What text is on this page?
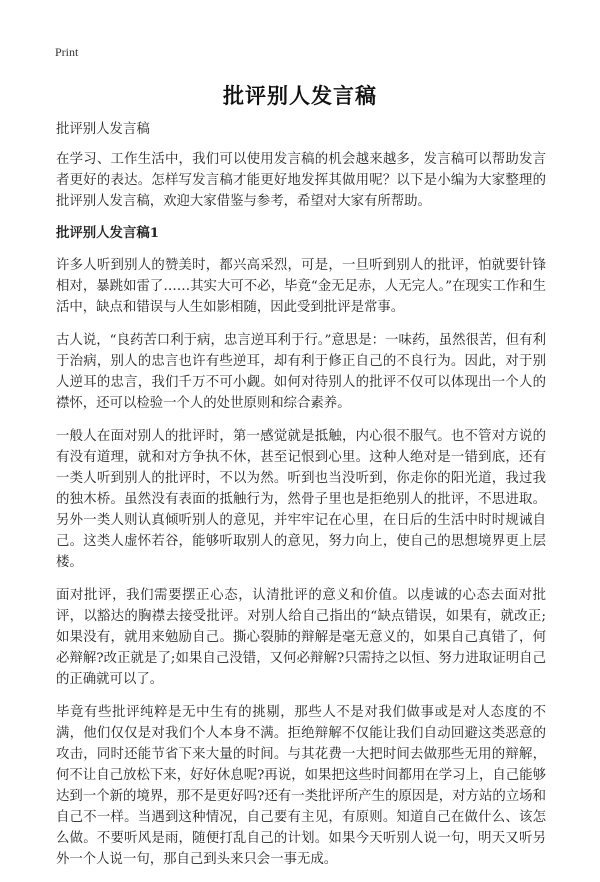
Print
批评别人发言稿

批评别人发言稿

在学习、工作生活中，我们可以使用发言稿的机会越来越多，发言稿可以帮助发言者更好的表达。怎样写发言稿才能更好地发挥其做用呢？以下是小编为大家整理的批评别人发言稿，欢迎大家借鉴与参考，希望对大家有所帮助。

批评别人发言稿1

许多人听到别人的赞美时，都兴高采烈，可是，一旦听到别人的批评，怕就要针锋相对，暴跳如雷了……其实大可不必，毕竟“金无足赤，人无完人。”在现实工作和生活中，缺点和错误与人生如影相随，因此受到批评是常事。

古人说，“良药苦口利于病，忠言逆耳利于行。”意思是：一味药，虽然很苦，但有利于治病，别人的忠言也许有些逆耳，却有利于修正自己的不良行为。因此，对于别人逆耳的忠言，我们千万不可小觑。如何对待别人的批评不仅可以体现出一个人的襟怀，还可以检验一个人的处世原则和综合素养。

一般人在面对别人的批评时，第一感觉就是抵触，内心很不服气。也不管对方说的有没有道理，就和对方争执不休，甚至记恨到心里。这种人绝对是一错到底，还有一类人听到别人的批评时，不以为然。听到也当没听到，你走你的阳光道，我过我的独木桥。虽然没有表面的抵触行为，然骨子里也是拒绝别人的批评，不思进取。另外一类人则认真倾听别人的意见，并牢牢记在心里，在日后的生活中时时规诫自己。这类人虚怀若谷，能够听取别人的意见，努力向上，使自己的思想境界更上层楼。

面对批评，我们需要摆正心态，认清批评的意义和价值。以虔诚的心态去面对批评，以豁达的胸襟去接受批评。对别人给自己指出的“缺点错误，如果有，就改正;如果没有，就用来勉励自己。撕心裂肺的辩解是毫无意义的，如果自己真错了，何必辩解?改正就是了;如果自己没错，又何必辩解?只需持之以恒、努力进取证明自己的正确就可以了。

毕竟有些批评纯粹是无中生有的挑剔，那些人不是对我们做事或是对人态度的不满，他们仅仅是对我们个人本身不满。拒绝辩解不仅能让我们自动回避这类恶意的攻击，同时还能节省下来大量的时间。与其花费一大把时间去做那些无用的辩解，何不让自己放松下来，好好休息呢?再说，如果把这些时间都用在学习上，自己能够达到一个新的境界，那不是更好吗?还有一类批评所产生的原因是，对方站的立场和自己不一样。当遇到这种情况，自己要有主见，有原则。知道自己在做什么、该怎么做。不要听风是雨，随便打乱自己的计划。如果今天听别人说一句，明天又听另外一个人说一句，那自己到头来只会一事无成。
